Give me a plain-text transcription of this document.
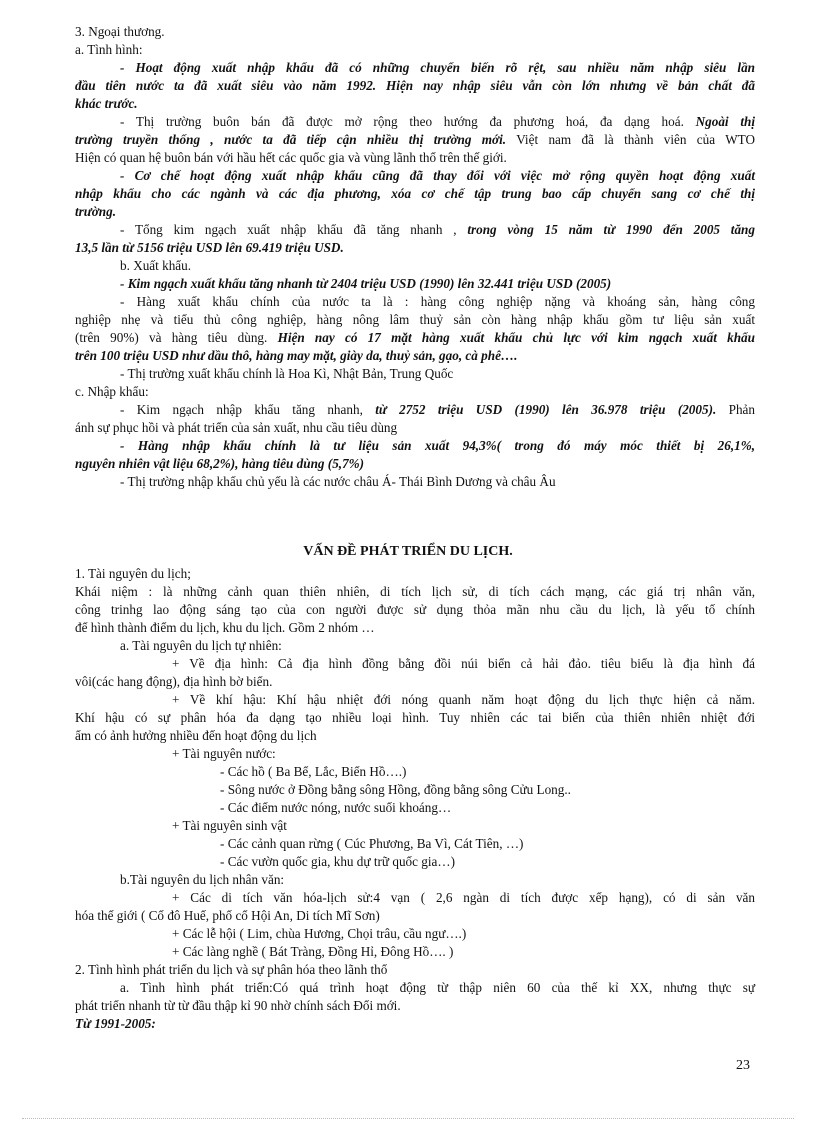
VẤN ĐỀ PHÁT TRIỂN DU LỊCH.
23
3. Ngoại thương.
a. Tình hình:
- Hoạt động xuất nhập khẩu đã có những chuyển biến rõ rệt, sau nhiều năm nhập siêu lần
đầu tiên nước ta đã xuất siêu vào năm 1992. Hiện nay nhập siêu vẫn còn lớn nhưng về bản chất đã
khác trước.
- Thị trường buôn bán đã được mở rộng theo hướng đa phương hoá, đa dạng hoá. Ngoài thị
trường truyền thống , nước ta đã tiếp cận nhiều thị trường mới. Việt nam đã là thành viên của WTO
Hiện có quan hệ buôn bán với hầu hết các quốc gia và vùng lãnh thổ trên thế giới.
- Cơ chế hoạt động xuất nhập khẩu cũng đã thay đổi với việc mở rộng quyền hoạt động xuất
nhập khẩu cho các ngành và các địa phương, xóa cơ chế tập trung bao cấp chuyển sang cơ chế thị
trường.
- Tổng kim ngạch xuất nhập khẩu đã tăng nhanh , trong vòng 15 năm từ 1990 đến 2005 tăng
13,5 lần từ 5156 triệu USD lên 69.419 triệu USD.
b. Xuất khẩu.
- Kim ngạch xuất khẩu tăng nhanh từ 2404 triệu USD (1990) lên 32.441 triệu USD (2005)
- Hàng xuất khẩu chính của nước ta là : hàng công nghiệp nặng và khoáng sản, hàng công
nghiệp nhẹ và tiểu thủ công nghiệp, hàng nông lâm thuỷ sản còn hàng nhập khẩu gồm tư liệu sản xuất
(trên 90%) và hàng tiêu dùng. Hiện nay có 17 mặt hàng xuất khẩu chủ lực với kim ngạch xuất khẩu
trên 100 triệu USD như dầu thô, hàng may mặt, giày da, thuỷ sản, gạo, cà phê….
- Thị trường xuất khẩu chính là Hoa Kì, Nhật Bản, Trung Quốc
c. Nhập khẩu:
- Kim ngạch nhập khẩu tăng nhanh, từ 2752 triệu USD (1990) lên 36.978 triệu (2005). Phản
ánh sự phục hồi và phát triển của sản xuất, nhu cầu tiêu dùng
- Hàng nhập khẩu chính là tư liệu sản xuất 94,3%( trong đó máy móc thiết bị 26,1%,
nguyên nhiên vật liệu 68,2%), hàng tiêu dùng (5,7%)
- Thị trường nhập khẩu chủ yếu là các nước châu Á- Thái Bình Dương và châu Âu
1. Tài nguyên du lịch;
Khái niệm : là những cảnh quan thiên nhiên, di tích lịch sử, di tích cách mạng, các giá trị nhân văn,
công trinhg lao động sáng tạo của con người được sử dụng thỏa mãn nhu cầu du lịch, là yếu tố chính
để hình thành điểm du lịch, khu du lịch. Gồm 2 nhóm …
a. Tài nguyên du lịch tự nhiên:
+ Về địa hình: Cả địa hình đồng bằng đồi núi biển cả hải đảo. tiêu biểu là địa hình đá
vôi(các hang động), địa hình bờ biển.
+ Về khí hậu: Khí hậu nhiệt đới nóng quanh năm hoạt động du lịch thực hiện cả năm.
Khí hậu có sự phân hóa đa dạng tạo nhiều loại hình. Tuy nhiên các tai biến của thiên nhiên nhiệt đới
ẩm có ảnh hưởng nhiều đến hoạt động du lịch
+ Tài nguyên nước:
- Các hồ ( Ba Bể, Lắc, Biển Hồ….)
- Sông nước ở Đồng bằng sông Hồng, đồng bằng sông Cửu Long..
- Các điểm nước nóng, nước suối khoáng…
+ Tài nguyên sinh vật
- Các cảnh quan rừng ( Cúc Phương, Ba Vì, Cát Tiên, …)
- Các vườn quốc gia, khu dự trữ quốc gia…)
b.Tài nguyên du lịch nhân văn:
+ Các di tích văn hóa-lịch sử:4 vạn ( 2,6 ngàn di tích được xếp hạng), có di sản văn
hóa thế giới ( Cố đô Huế, phố cổ Hội An, Di tích Mĩ Sơn)
+ Các lễ hội ( Lim, chùa Hương, Chọi trâu, cầu ngư….)
+ Các làng nghề ( Bát Tràng, Đồng Hỉ, Đông Hồ…. )
2. Tình hình phát triển du lịch và sự phân hóa theo lãnh thổ
a. Tình hình phát triển:Có quá trình hoạt động từ thập niên 60 của thế kỉ XX, nhưng thực sự
phát triển nhanh từ từ đầu thập kỉ 90 nhờ chính sách Đổi mới.
Từ 1991-2005:
